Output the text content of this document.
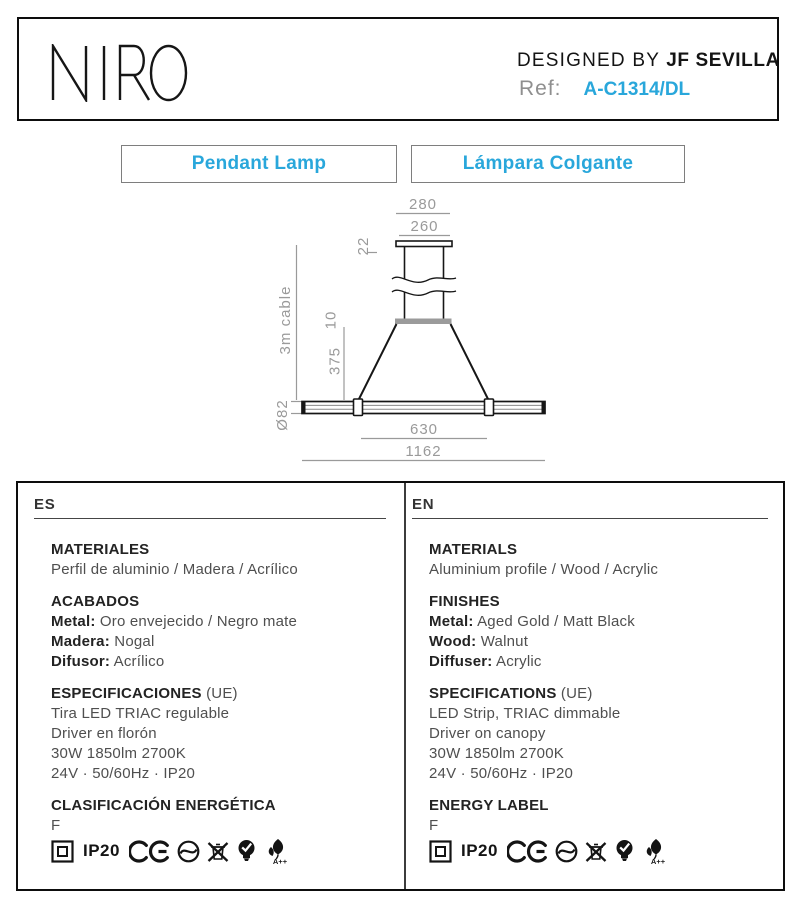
DESIGNED BY JF SEVILLA
Ref: A-C1314/DL
Pendant Lamp	Lámpara Colgante
280
260
22
3m cable 10
375
Ø82	630
1162
ES
MATERIALES
Perfil de aluminio / Madera / Acrílico
ACABADOS
Metal: Oro envejecido / Negro mate
Madera: Nogal
Difusor: Acrílico
ESPECIFICACIONES (UE)
Tira LED TRIAC regulable
Driver en florón
30W 1850lm 2700K
24V · 50/60Hz · IP20
CLASIFICACIÓN ENERGÉTICA
F
IP20
A++
EN
MATERIALS
Aluminium profile / Wood / Acrylic
FINISHES
Metal: Aged Gold / Matt Black
Wood: Walnut
Diffuser: Acrylic
SPECIFICATIONS (UE)
LED Strip, TRIAC dimmable
Driver on canopy
30W 1850lm 2700K
24V · 50/60Hz · IP20
ENERGY LABEL
F
IP20
A++
